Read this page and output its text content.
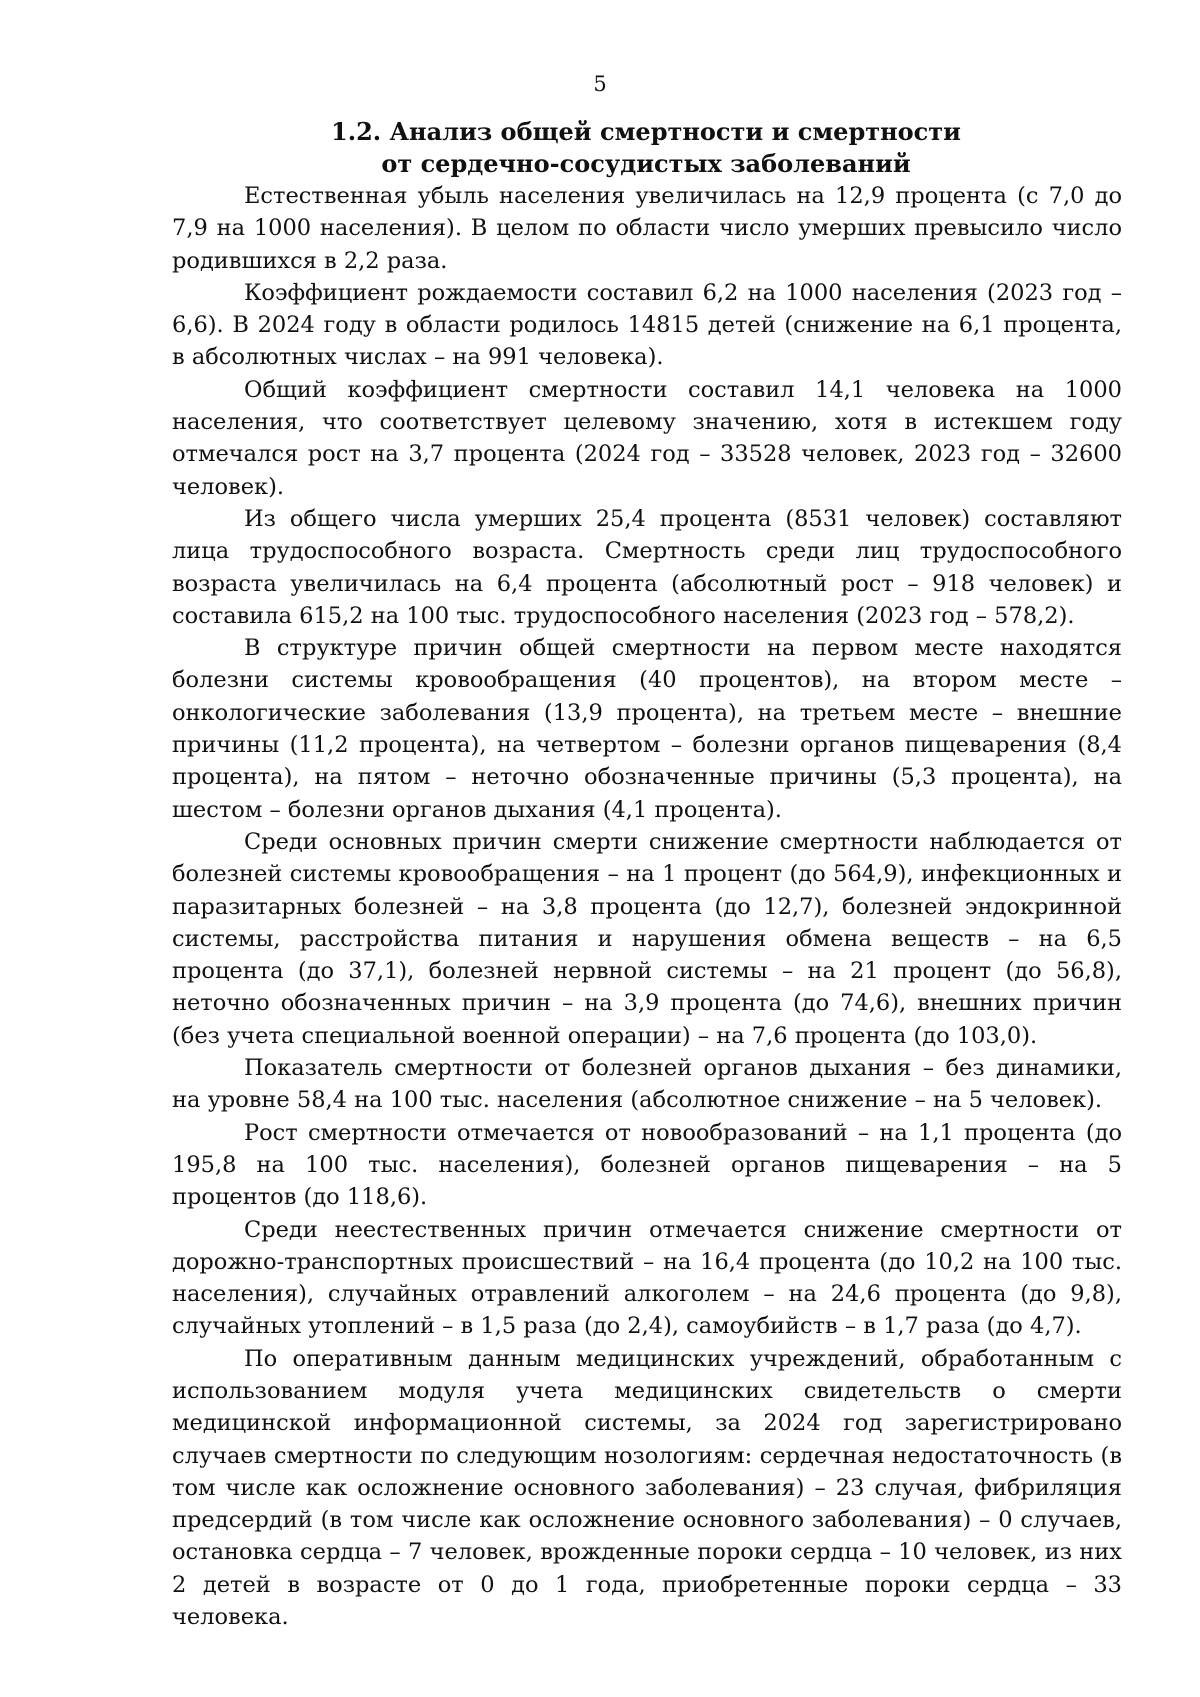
5
1.2. Анализ общей смертности и смертности
от сердечно-сосудистых заболеваний

Естественная убыль населения увеличилась на 12,9 процента (с 7,0 до 7,9 на 1000 населения). В целом по области число умерших превысило число родившихся в 2,2 раза.

Коэффициент рождаемости составил 6,2 на 1000 населения (2023 год – 6,6). В 2024 году в области родилось 14815 детей (снижение на 6,1 процента, в абсолютных числах – на 991 человека).

Общий коэффициент смертности составил 14,1 человека на 1000 населения, что соответствует целевому значению, хотя в истекшем году отмечался рост на 3,7 процента (2024 год – 33528 человек, 2023 год – 32600 человек).

Из общего числа умерших 25,4 процента (8531 человек) составляют лица трудоспособного возраста. Смертность среди лиц трудоспособного возраста увеличилась на 6,4 процента (абсолютный рост – 918 человек) и составила 615,2 на 100 тыс. трудоспособного населения (2023 год – 578,2).

В структуре причин общей смертности на первом месте находятся болезни системы кровообращения (40 процентов), на втором месте – онкологические заболевания (13,9 процента), на третьем месте – внешние причины (11,2 процента), на четвертом – болезни органов пищеварения (8,4 процента), на пятом – неточно обозначенные причины (5,3 процента), на шестом – болезни органов дыхания (4,1 процента).

Среди основных причин смерти снижение смертности наблюдается от болезней системы кровообращения – на 1 процент (до 564,9), инфекционных и паразитарных болезней – на 3,8 процента (до 12,7), болезней эндокринной системы, расстройства питания и нарушения обмена веществ – на 6,5 процента (до 37,1), болезней нервной системы – на 21 процент (до 56,8), неточно обозначенных причин – на 3,9 процента (до 74,6), внешних причин (без учета специальной военной операции) – на 7,6 процента (до 103,0).

Показатель смертности от болезней органов дыхания – без динамики, на уровне 58,4 на 100 тыс. населения (абсолютное снижение – на 5 человек).

Рост смертности отмечается от новообразований – на 1,1 процента (до 195,8 на 100 тыс. населения), болезней органов пищеварения – на 5 процентов (до 118,6).

Среди неестественных причин отмечается снижение смертности от дорожно-транспортных происшествий – на 16,4 процента (до 10,2 на 100 тыс. населения), случайных отравлений алкоголем – на 24,6 процента (до 9,8), случайных утоплений – в 1,5 раза (до 2,4), самоубийств – в 1,7 раза (до 4,7).

По оперативным данным медицинских учреждений, обработанным с использованием модуля учета медицинских свидетельств о смерти медицинской информационной системы, за 2024 год зарегистрировано случаев смертности по следующим нозологиям: сердечная недостаточность (в том числе как осложнение основного заболевания) – 23 случая, фибриляция предсердий (в том числе как осложнение основного заболевания) – 0 случаев, остановка сердца – 7 человек, врожденные пороки сердца – 10 человек, из них 2 детей в возрасте от 0 до 1 года, приобретенные пороки сердца – 33 человека.
